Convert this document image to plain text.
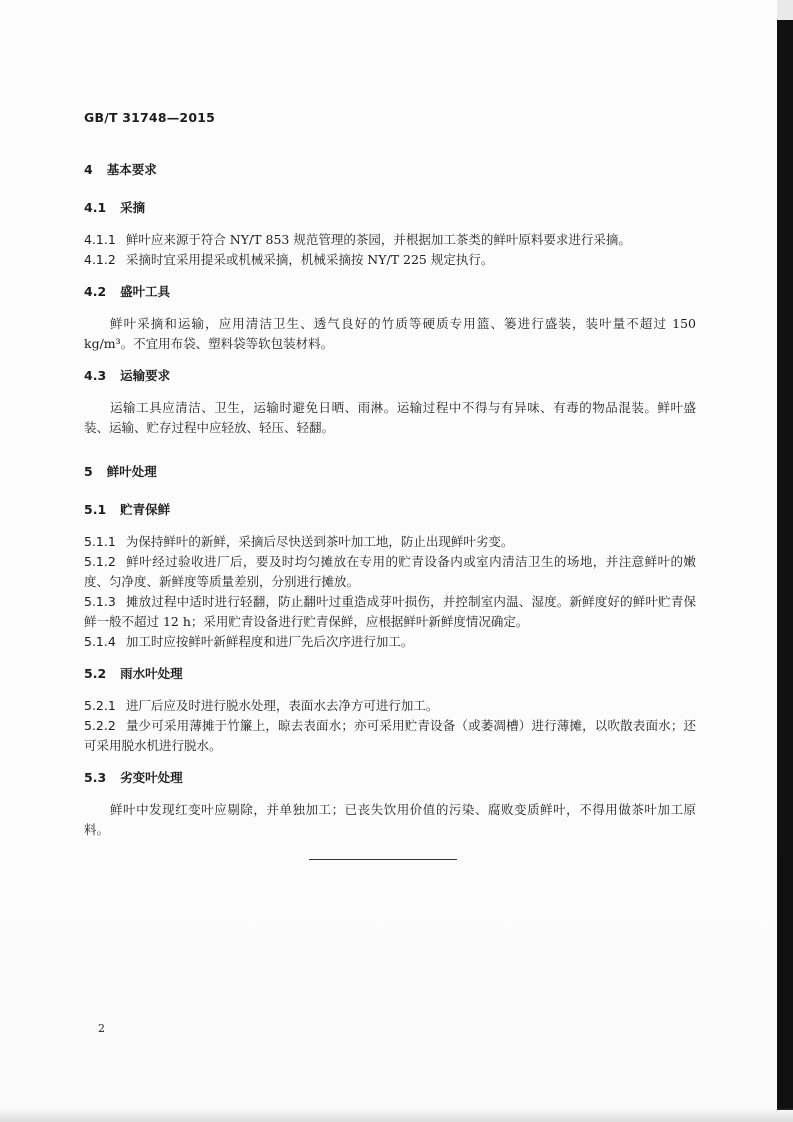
GB/T 31748—2015

4 基本要求

4.1 采摘

4.1.1 鲜叶应来源于符合 NY/T 853 规范管理的茶园，并根据加工茶类的鲜叶原料要求进行采摘。

4.1.2 采摘时宜采用提采或机械采摘，机械采摘按 NY/T 225 规定执行。

4.2 盛叶工具

鲜叶采摘和运输，应用清洁卫生、透气良好的竹质等硬质专用篮、篓进行盛装，装叶量不超过 150 kg/m³。不宜用布袋、塑料袋等软包装材料。

4.3 运输要求

运输工具应清洁、卫生，运输时避免日晒、雨淋。运输过程中不得与有异味、有毒的物品混装。鲜叶盛装、运输、贮存过程中应轻放、轻压、轻翻。

5 鲜叶处理

5.1 贮青保鲜

5.1.1 为保持鲜叶的新鲜，采摘后尽快送到茶叶加工地，防止出现鲜叶劣变。

5.1.2 鲜叶经过验收进厂后，要及时均匀摊放在专用的贮青设备内或室内清洁卫生的场地，并注意鲜叶的嫩度、匀净度、新鲜度等质量差别，分别进行摊放。

5.1.3 摊放过程中适时进行轻翻，防止翻叶过重造成芽叶损伤，并控制室内温、湿度。新鲜度好的鲜叶贮青保鲜一般不超过 12 h；采用贮青设备进行贮青保鲜，应根据鲜叶新鲜度情况确定。

5.1.4 加工时应按鲜叶新鲜程度和进厂先后次序进行加工。

5.2 雨水叶处理

5.2.1 进厂后应及时进行脱水处理，表面水去净方可进行加工。

5.2.2 量少可采用薄摊于竹簾上，晾去表面水；亦可采用贮青设备（或萎凋槽）进行薄摊，以吹散表面水；还可采用脱水机进行脱水。

5.3 劣变叶处理

鲜叶中发现红变叶应剔除，并单独加工；已丧失饮用价值的污染、腐败变质鲜叶，不得用做茶叶加工原料。

2
